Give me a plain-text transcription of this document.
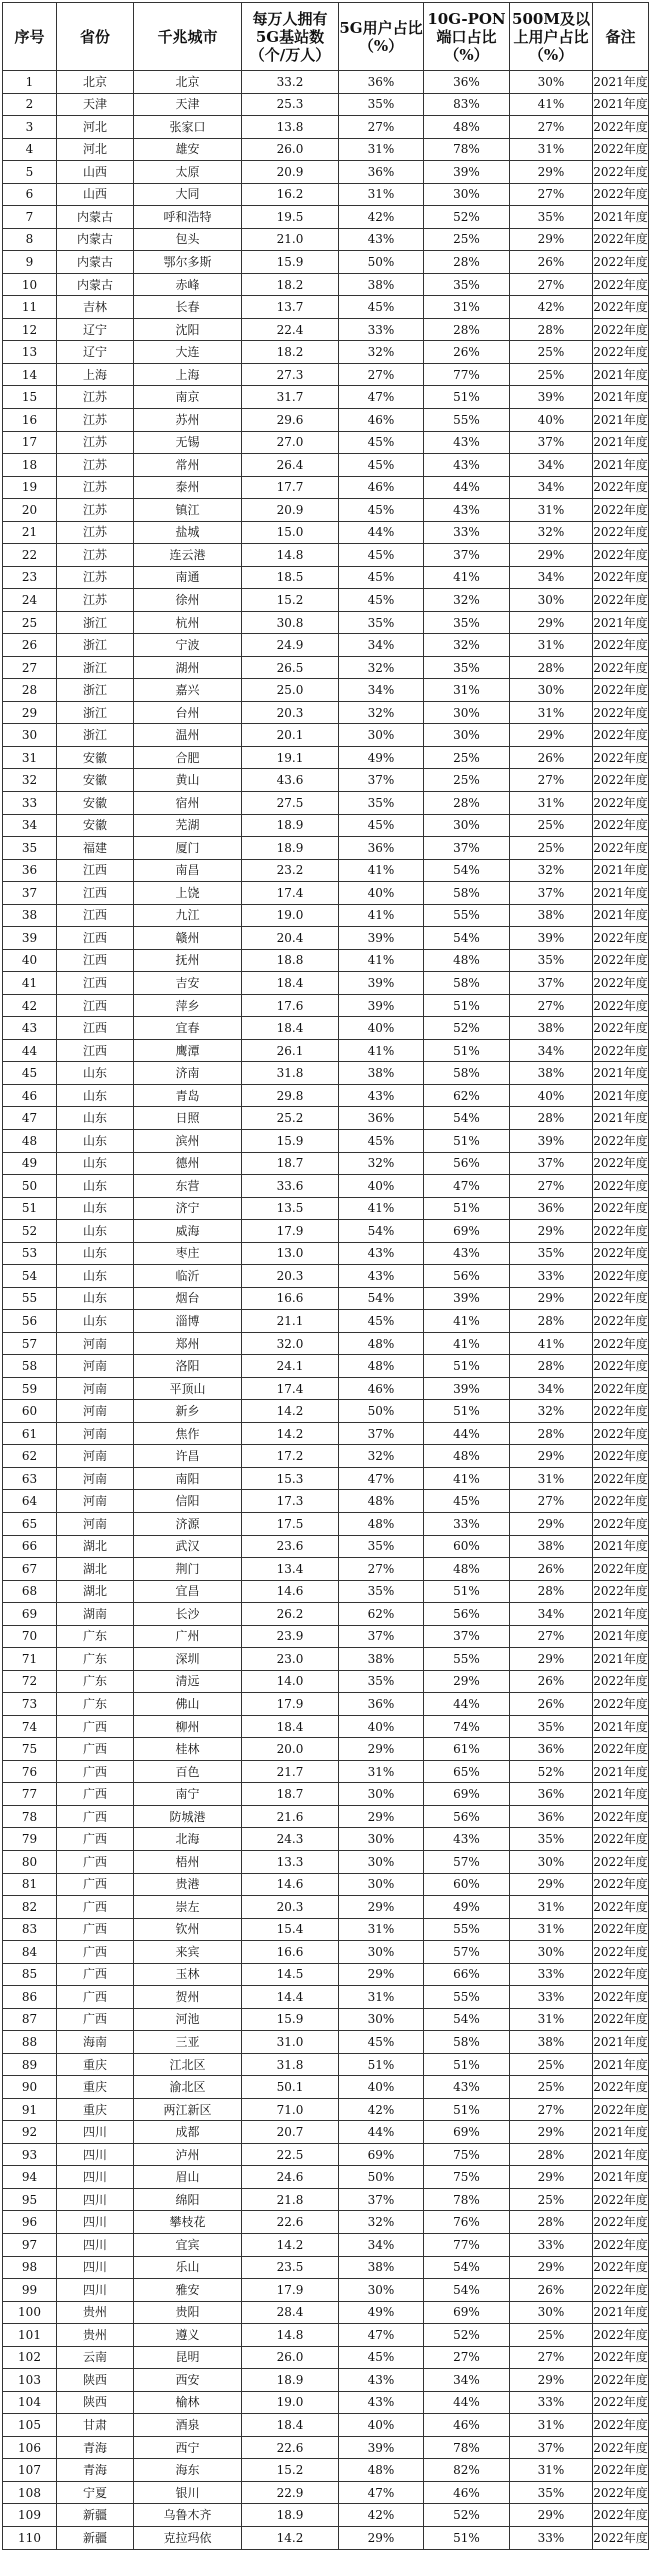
序号	省份	千兆城市	每万人拥有5G基站数（个/万人）	5G用户占比（%）	10G-PON端口占比（%）	500M及以上用户占比（%）	备注
1	北京	北京	33.2	36%	36%	30%	2021年度
2	天津	天津	25.3	35%	83%	41%	2021年度
3	河北	张家口	13.8	27%	48%	27%	2022年度
4	河北	雄安	26.0	31%	78%	31%	2022年度
5	山西	太原	20.9	36%	39%	29%	2022年度
6	山西	大同	16.2	31%	30%	27%	2022年度
7	内蒙古	呼和浩特	19.5	42%	52%	35%	2021年度
8	内蒙古	包头	21.0	43%	25%	29%	2022年度
9	内蒙古	鄂尔多斯	15.9	50%	28%	26%	2022年度
10	内蒙古	赤峰	18.2	38%	35%	27%	2022年度
11	吉林	长春	13.7	45%	31%	42%	2022年度
12	辽宁	沈阳	22.4	33%	28%	28%	2022年度
13	辽宁	大连	18.2	32%	26%	25%	2022年度
14	上海	上海	27.3	27%	77%	25%	2021年度
15	江苏	南京	31.7	47%	51%	39%	2021年度
16	江苏	苏州	29.6	46%	55%	40%	2021年度
17	江苏	无锡	27.0	45%	43%	37%	2021年度
18	江苏	常州	26.4	45%	43%	34%	2021年度
19	江苏	泰州	17.7	46%	44%	34%	2022年度
20	江苏	镇江	20.9	45%	43%	31%	2022年度
21	江苏	盐城	15.0	44%	33%	32%	2022年度
22	江苏	连云港	14.8	45%	37%	29%	2022年度
23	江苏	南通	18.5	45%	41%	34%	2022年度
24	江苏	徐州	15.2	45%	32%	30%	2022年度
25	浙江	杭州	30.8	35%	35%	29%	2021年度
26	浙江	宁波	24.9	34%	32%	31%	2022年度
27	浙江	湖州	26.5	32%	35%	28%	2022年度
28	浙江	嘉兴	25.0	34%	31%	30%	2022年度
29	浙江	台州	20.3	32%	30%	31%	2022年度
30	浙江	温州	20.1	30%	30%	29%	2022年度
31	安徽	合肥	19.1	49%	25%	26%	2022年度
32	安徽	黄山	43.6	37%	25%	27%	2022年度
33	安徽	宿州	27.5	35%	28%	31%	2022年度
34	安徽	芜湖	18.9	45%	30%	25%	2022年度
35	福建	厦门	18.9	36%	37%	25%	2022年度
36	江西	南昌	23.2	41%	54%	32%	2021年度
37	江西	上饶	17.4	40%	58%	37%	2021年度
38	江西	九江	19.0	41%	55%	38%	2021年度
39	江西	赣州	20.4	39%	54%	39%	2022年度
40	江西	抚州	18.8	41%	48%	35%	2022年度
41	江西	吉安	18.4	39%	58%	37%	2022年度
42	江西	萍乡	17.6	39%	51%	27%	2022年度
43	江西	宜春	18.4	40%	52%	38%	2022年度
44	江西	鹰潭	26.1	41%	51%	34%	2022年度
45	山东	济南	31.8	38%	58%	38%	2021年度
46	山东	青岛	29.8	43%	62%	40%	2021年度
47	山东	日照	25.2	36%	54%	28%	2021年度
48	山东	滨州	15.9	45%	51%	39%	2022年度
49	山东	德州	18.7	32%	56%	37%	2022年度
50	山东	东营	33.6	40%	47%	27%	2022年度
51	山东	济宁	13.5	41%	51%	36%	2022年度
52	山东	威海	17.9	54%	69%	29%	2022年度
53	山东	枣庄	13.0	43%	43%	35%	2022年度
54	山东	临沂	20.3	43%	56%	33%	2022年度
55	山东	烟台	16.6	54%	39%	29%	2022年度
56	山东	淄博	21.1	45%	41%	28%	2022年度
57	河南	郑州	32.0	48%	41%	41%	2022年度
58	河南	洛阳	24.1	48%	51%	28%	2022年度
59	河南	平顶山	17.4	46%	39%	34%	2022年度
60	河南	新乡	14.2	50%	51%	32%	2022年度
61	河南	焦作	14.2	37%	44%	28%	2022年度
62	河南	许昌	17.2	32%	48%	29%	2022年度
63	河南	南阳	15.3	47%	41%	31%	2022年度
64	河南	信阳	17.3	48%	45%	27%	2022年度
65	河南	济源	17.5	48%	33%	29%	2022年度
66	湖北	武汉	23.6	35%	60%	38%	2021年度
67	湖北	荆门	13.4	27%	48%	26%	2022年度
68	湖北	宜昌	14.6	35%	51%	28%	2022年度
69	湖南	长沙	26.2	62%	56%	34%	2021年度
70	广东	广州	23.9	37%	37%	27%	2021年度
71	广东	深圳	23.0	38%	55%	29%	2021年度
72	广东	清远	14.0	35%	29%	26%	2022年度
73	广东	佛山	17.9	36%	44%	26%	2022年度
74	广西	柳州	18.4	40%	74%	35%	2021年度
75	广西	桂林	20.0	29%	61%	36%	2022年度
76	广西	百色	21.7	31%	65%	52%	2021年度
77	广西	南宁	18.7	30%	69%	36%	2021年度
78	广西	防城港	21.6	29%	56%	36%	2022年度
79	广西	北海	24.3	30%	43%	35%	2022年度
80	广西	梧州	13.3	30%	57%	30%	2022年度
81	广西	贵港	14.6	30%	60%	29%	2022年度
82	广西	崇左	20.3	29%	49%	31%	2022年度
83	广西	钦州	15.4	31%	55%	31%	2022年度
84	广西	来宾	16.6	30%	57%	30%	2022年度
85	广西	玉林	14.5	29%	66%	33%	2022年度
86	广西	贺州	14.4	31%	55%	33%	2022年度
87	广西	河池	15.9	30%	54%	31%	2022年度
88	海南	三亚	31.0	45%	58%	38%	2021年度
89	重庆	江北区	31.8	51%	51%	25%	2021年度
90	重庆	渝北区	50.1	40%	43%	25%	2022年度
91	重庆	两江新区	71.0	42%	51%	27%	2022年度
92	四川	成都	20.7	44%	69%	29%	2021年度
93	四川	泸州	22.5	69%	75%	28%	2021年度
94	四川	眉山	24.6	50%	75%	29%	2021年度
95	四川	绵阳	21.8	37%	78%	25%	2022年度
96	四川	攀枝花	22.6	32%	76%	28%	2022年度
97	四川	宜宾	14.2	34%	77%	33%	2022年度
98	四川	乐山	23.5	38%	54%	29%	2022年度
99	四川	雅安	17.9	30%	54%	26%	2022年度
100	贵州	贵阳	28.4	49%	69%	30%	2021年度
101	贵州	遵义	14.8	47%	52%	25%	2022年度
102	云南	昆明	26.0	45%	27%	27%	2022年度
103	陕西	西安	18.9	43%	34%	29%	2022年度
104	陕西	榆林	19.0	43%	44%	33%	2022年度
105	甘肃	酒泉	18.4	40%	46%	31%	2022年度
106	青海	西宁	22.6	39%	78%	37%	2022年度
107	青海	海东	15.2	48%	82%	31%	2022年度
108	宁夏	银川	22.9	47%	46%	35%	2022年度
109	新疆	乌鲁木齐	18.9	42%	52%	29%	2022年度
110	新疆	克拉玛依	14.2	29%	51%	33%	2022年度
